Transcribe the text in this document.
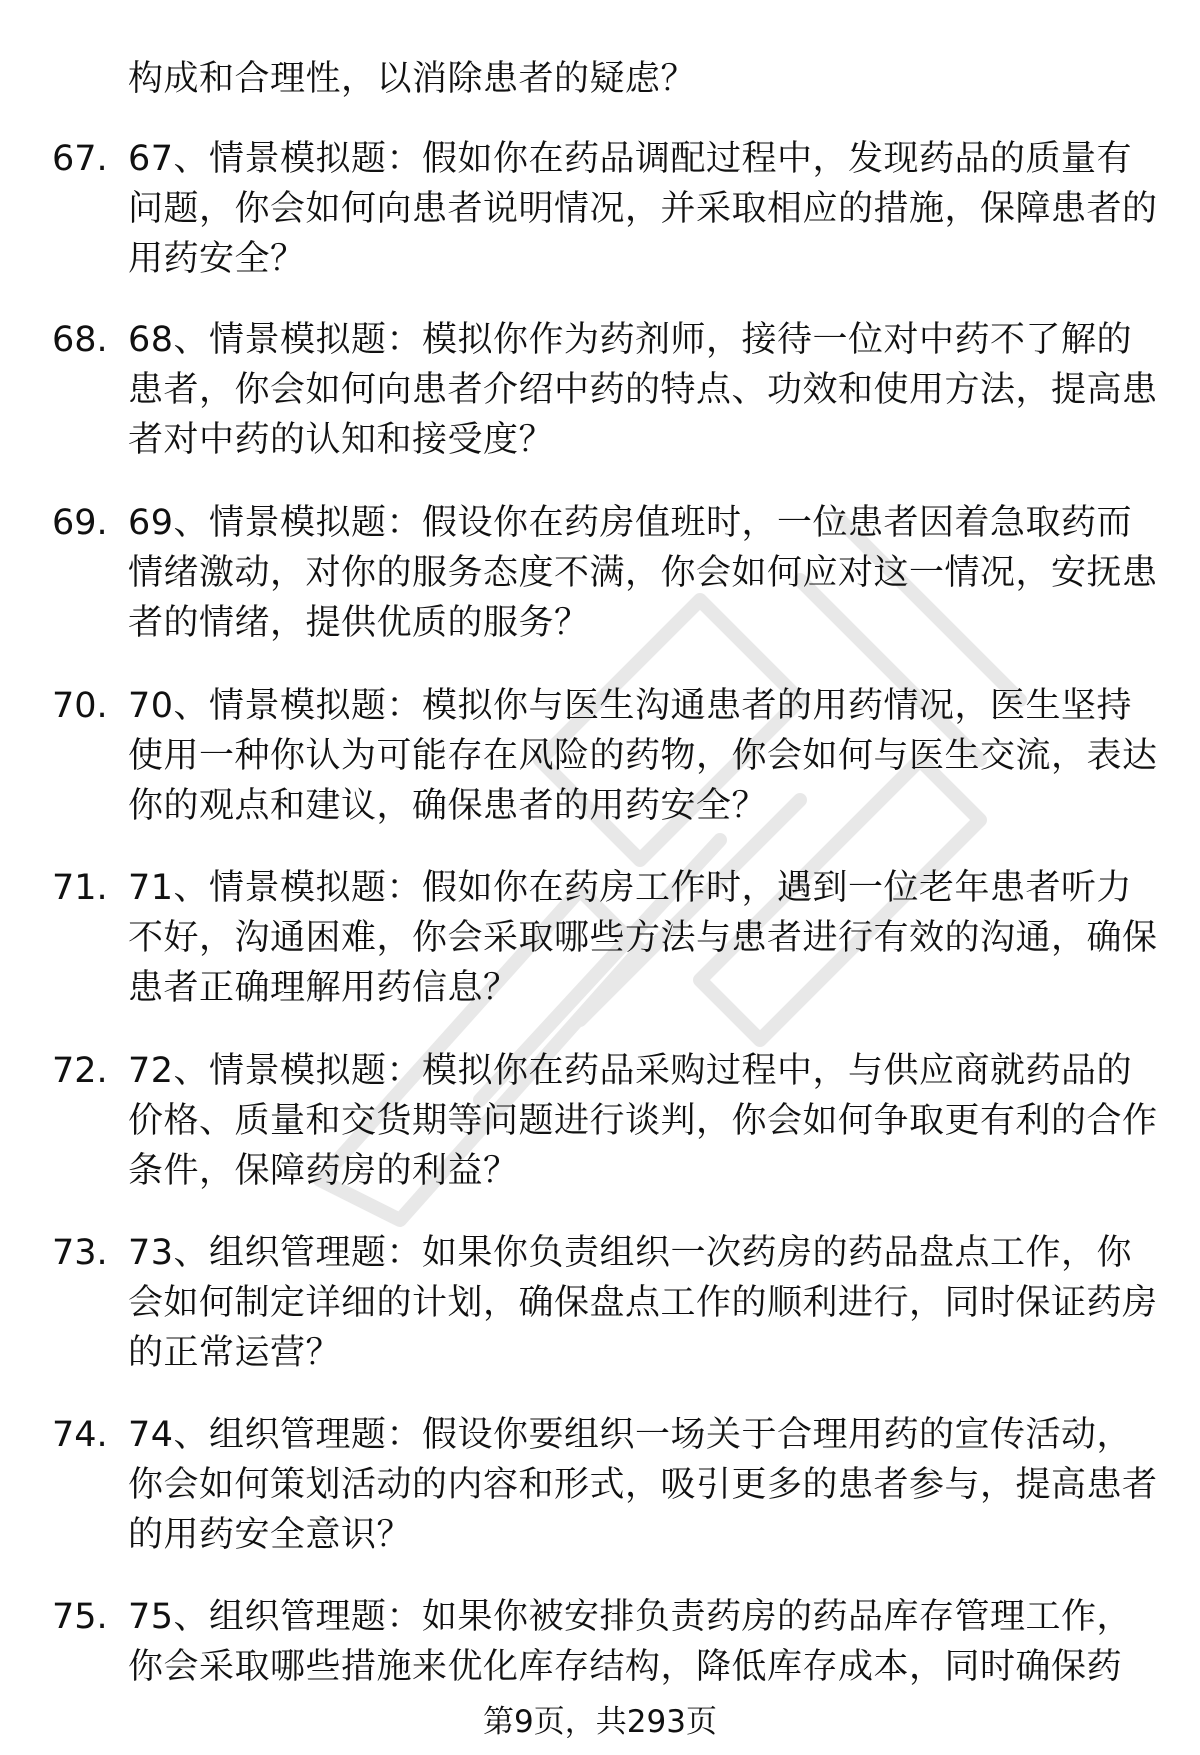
构成和合理性，以消除患者的疑虑？
67. 67、情景模拟题：假如你在药品调配过程中，发现药品的质量有问题，你会如何向患者说明情况，并采取相应的措施，保障患者的用药安全？
68. 68、情景模拟题：模拟你作为药剂师，接待一位对中药不了解的患者，你会如何向患者介绍中药的特点、功效和使用方法，提高患者对中药的认知和接受度？
69. 69、情景模拟题：假设你在药房值班时，一位患者因着急取药而情绪激动，对你的服务态度不满，你会如何应对这一情况，安抚患者的情绪，提供优质的服务？
70. 70、情景模拟题：模拟你与医生沟通患者的用药情况，医生坚持使用一种你认为可能存在风险的药物，你会如何与医生交流，表达你的观点和建议，确保患者的用药安全？
71. 71、情景模拟题：假如你在药房工作时，遇到一位老年患者听力不好，沟通困难，你会采取哪些方法与患者进行有效的沟通，确保患者正确理解用药信息？
72. 72、情景模拟题：模拟你在药品采购过程中，与供应商就药品的价格、质量和交货期等问题进行谈判，你会如何争取更有利的合作条件，保障药房的利益？
73. 73、组织管理题：如果你负责组织一次药房的药品盘点工作，你会如何制定详细的计划，确保盘点工作的顺利进行，同时保证药房的正常运营？
74. 74、组织管理题：假设你要组织一场关于合理用药的宣传活动，你会如何策划活动的内容和形式，吸引更多的患者参与，提高患者的用药安全意识？
75. 75、组织管理题：如果你被安排负责药房的药品库存管理工作，你会采取哪些措施来优化库存结构，降低库存成本，同时确保药
第9页，共293页
